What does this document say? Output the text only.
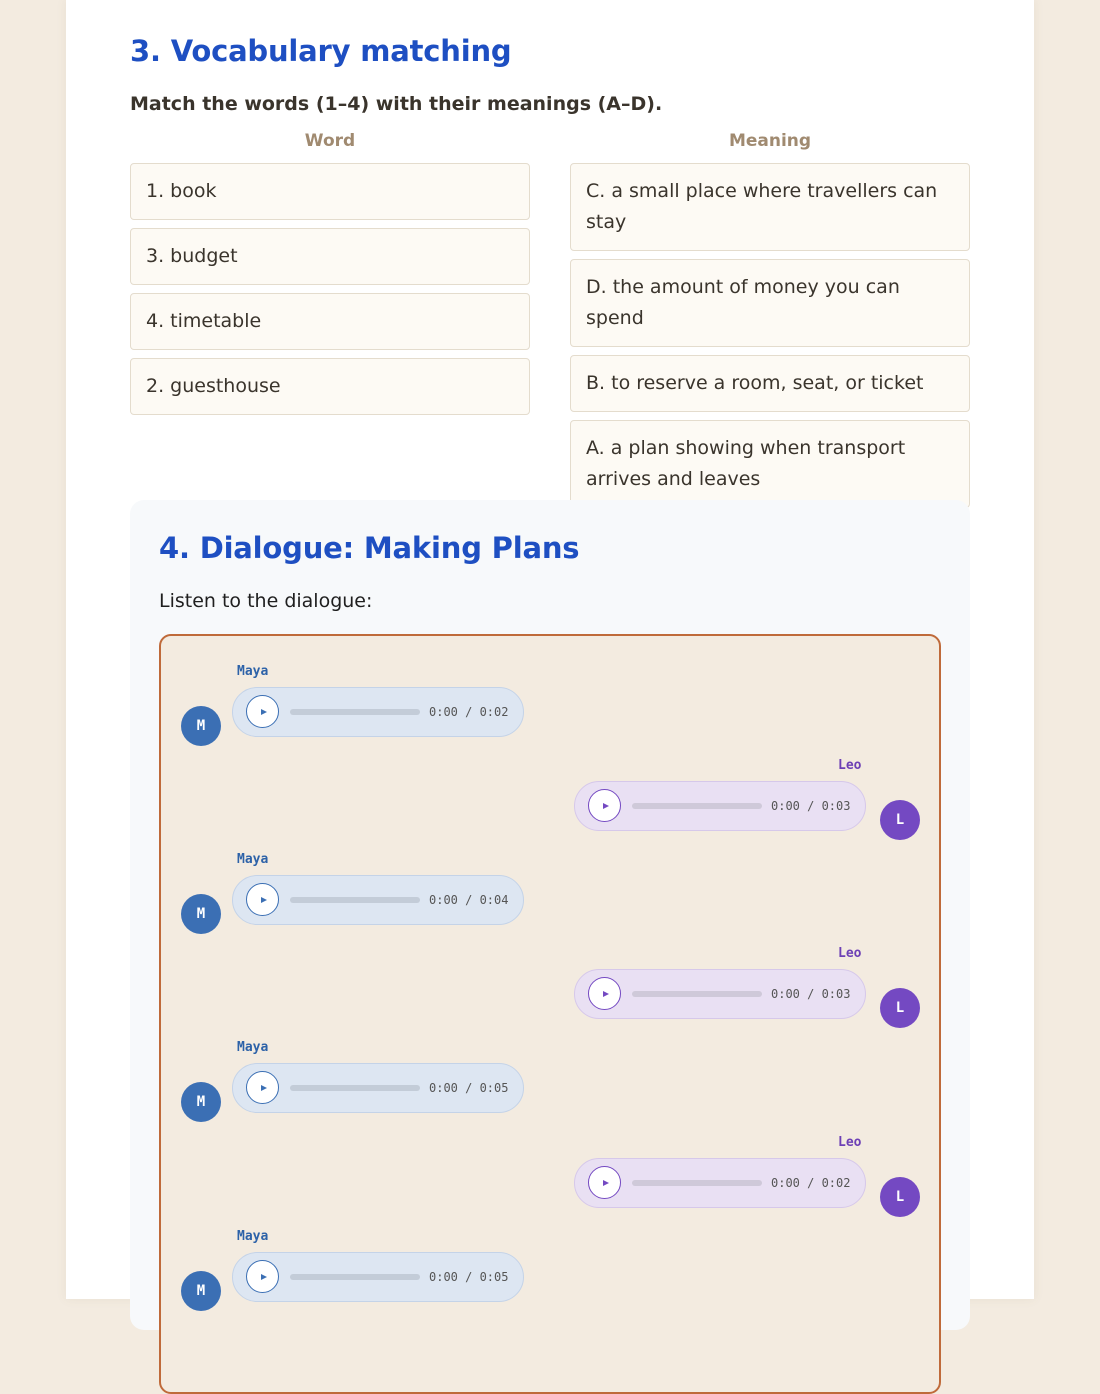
3. Vocabulary matching

Match the words (1–4) with their meanings (A–D).

Word	Meaning
1. book
3. budget
4. timetable
2. guesthouse
C. a small place where travellers can stay
D. the amount of money you can spend
B. to reserve a room, seat, or ticket
A. a plan showing when transport arrives and leaves
4. Dialogue: Making Plans

Listen to the dialogue:

Maya
M
0:00 / 0:02
Leo
L
0:00 / 0:03
Maya
M
0:00 / 0:04
Leo
L
0:00 / 0:03
Maya
M
0:00 / 0:05
Leo
L
0:00 / 0:02
Maya
M
0:00 / 0:05
